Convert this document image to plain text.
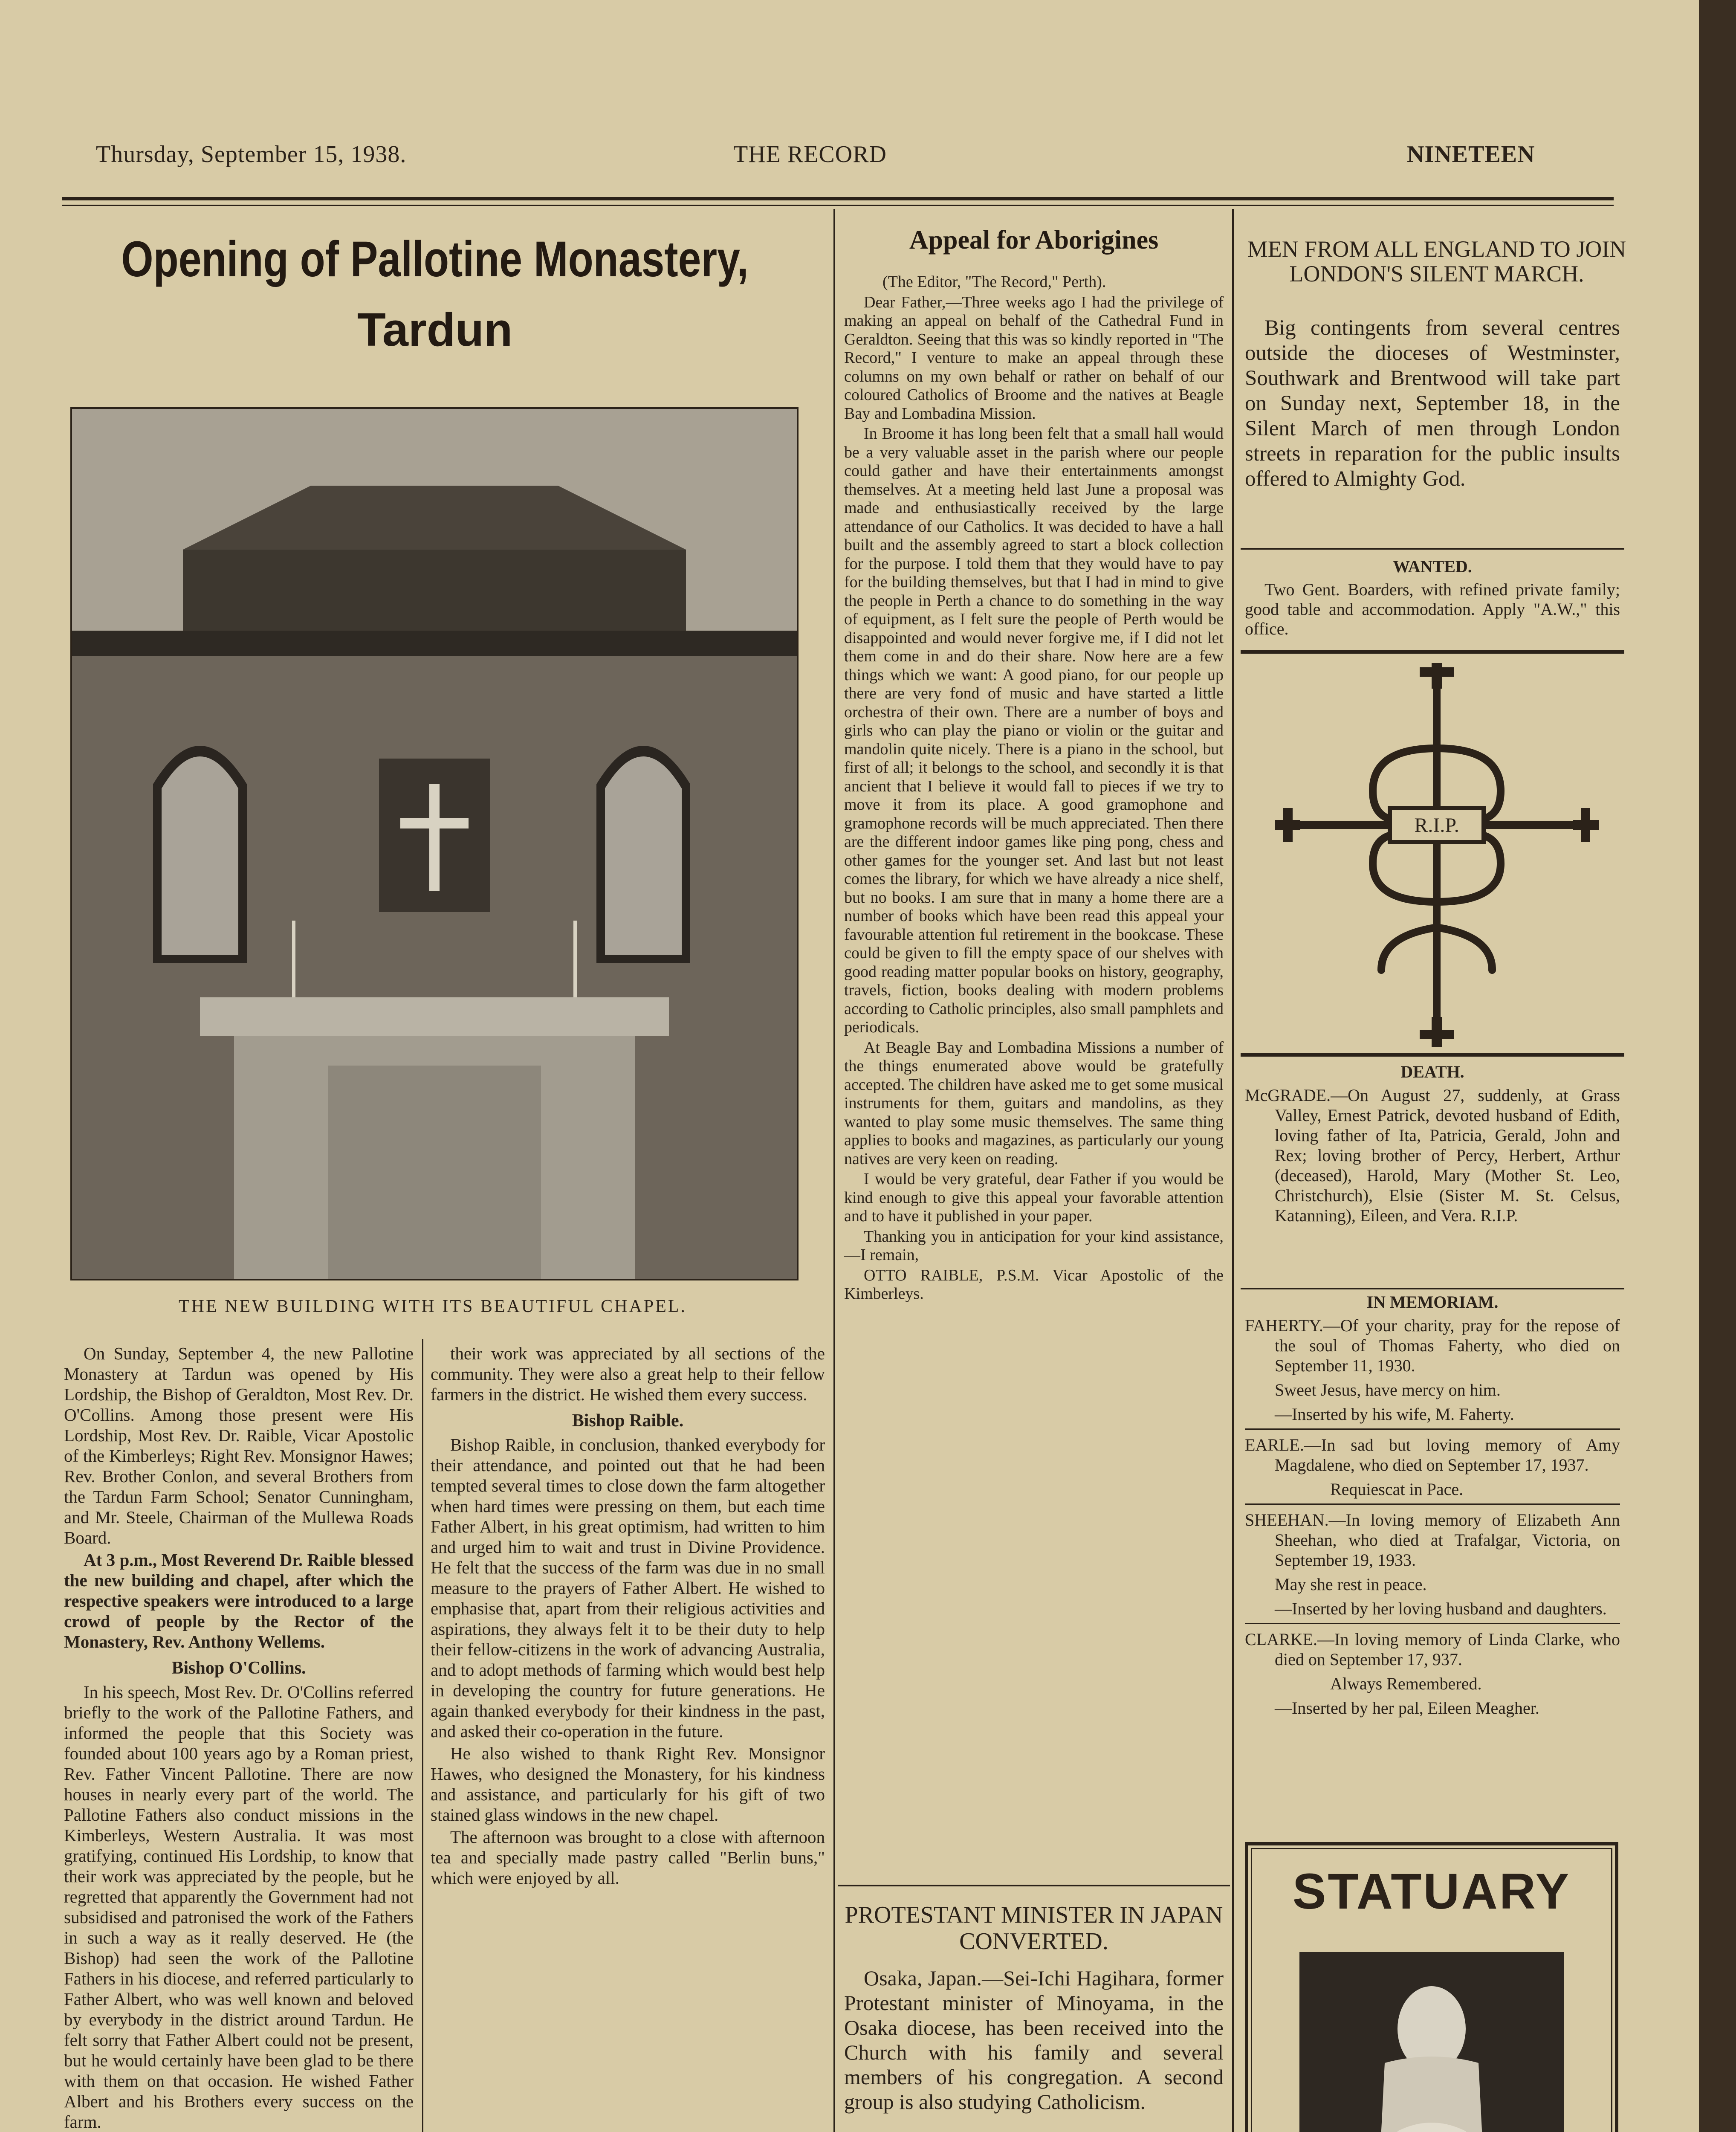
Thursday, September 15, 1938.	THE RECORD	NINETEEN
Opening of Pallotine Monastery,
Tardun
THE NEW BUILDING WITH ITS BEAUTIFUL CHAPEL.

On Sunday, September 4, the new Pallotine Monastery at Tardun was opened by His Lordship, the Bishop of Geraldton, Most Rev. Dr. O'Collins. Among those present were His Lordship, Most Rev. Dr. Raible, Vicar Apostolic of the Kimberleys; Right Rev. Monsignor Hawes; Rev. Brother Conlon, and several Brothers from the Tardun Farm School; Senator Cunningham, and Mr. Steele, Chairman of the Mullewa Roads Board.

At 3 p.m., Most Reverend Dr. Raible blessed the new building and chapel, after which the respective speakers were introduced to a large crowd of people by the Rector of the Monastery, Rev. Anthony Wellems.

Bishop O'Collins.

In his speech, Most Rev. Dr. O'Collins referred briefly to the work of the Pallotine Fathers, and informed the people that this Society was founded about 100 years ago by a Roman priest, Rev. Father Vincent Pallotine. There are now houses in nearly every part of the world. The Pallotine Fathers also conduct missions in the Kimberleys, Western Australia. It was most gratifying, continued His Lordship, to know that their work was appreciated by the people, but he regretted that apparently the Government had not subsidised and patronised the work of the Fathers in such a way as it really deserved. He (the Bishop) had seen the work of the Pallotine Fathers in his diocese, and referred particularly to Father Albert, who was well known and beloved by everybody in the district around Tardun. He felt sorry that Father Albert could not be present, but he would certainly have been glad to be there with them on that occasion. He wished Father Albert and his Brothers every success on the farm.

their work was appreciated by all sections of the community. They were also a great help to their fellow farmers in the district. He wished them every success.

Bishop Raible.

Bishop Raible, in conclusion, thanked everybody for their attendance, and pointed out that he had been tempted several times to close down the farm altogether when hard times were pressing on them, but each time Father Albert, in his great optimism, had written to him and urged him to wait and trust in Divine Providence. He felt that the success of the farm was due in no small measure to the prayers of Father Albert. He wished to emphasise that, apart from their religious activities and aspirations, they always felt it to be their duty to help their fellow-citizens in the work of advancing Australia, and to adopt methods of farming which would best help in developing the country for future generations. He again thanked everybody for their kindness in the past, and asked their co-operation in the future.

He also wished to thank Right Rev. Monsignor Hawes, who designed the Monastery, for his kindness and assistance, and particularly for his gift of two stained glass windows in the new chapel.

The afternoon was brought to a close with afternoon tea and specially made pastry called "Berlin buns," which were enjoyed by all.

Appeal for Aborigines

(The Editor, "The Record," Perth).

Dear Father,—Three weeks ago I had the privilege of making an appeal on behalf of the Cathedral Fund in Geraldton. Seeing that this was so kindly reported in "The Record," I venture to make an appeal through these columns on my own behalf or rather on behalf of our coloured Catholics of Broome and the natives at Beagle Bay and Lombadina Mission.

In Broome it has long been felt that a small hall would be a very valuable asset in the parish where our people could gather and have their entertainments amongst themselves. At a meeting held last June a proposal was made and enthusiastically received by the large attendance of our Catholics. It was decided to have a hall built and the assembly agreed to start a block collection for the purpose. I told them that they would have to pay for the building themselves, but that I had in mind to give the people in Perth a chance to do something in the way of equipment, as I felt sure the people of Perth would be disappointed and would never forgive me, if I did not let them come in and do their share. Now here are a few things which we want: A good piano, for our people up there are very fond of music and have started a little orchestra of their own. There are a number of boys and girls who can play the piano or violin or the guitar and mandolin quite nicely. There is a piano in the school, but first of all; it belongs to the school, and secondly it is that ancient that I believe it would fall to pieces if we try to move it from its place. A good gramophone and gramophone records will be much appreciated. Then there are the different indoor games like ping pong, chess and other games for the younger set. And last but not least comes the library, for which we have already a nice shelf, but no books. I am sure that in many a home there are a number of books which have been read this appeal your favourable attention ful retirement in the bookcase. These could be given to fill the empty space of our shelves with good reading matter popular books on history, geography, travels, fiction, books dealing with modern problems according to Catholic principles, also small pamphlets and periodicals.

At Beagle Bay and Lombadina Missions a number of the things enumerated above would be gratefully accepted. The children have asked me to get some musical instruments for them, guitars and mandolins, as they wanted to play some music themselves. The same thing applies to books and magazines, as particularly our young natives are very keen on reading.

I would be very grateful, dear Father if you would be kind enough to give this appeal your favorable attention and to have it published in your paper.

Thanking you in anticipation for your kind assistance,—I remain,

OTTO RAIBLE, P.S.M. Vicar Apostolic of the Kimberleys.

PROTESTANT MINISTER IN JAPAN CONVERTED.

Osaka, Japan.—Sei-Ichi Hagihara, former Protestant minister of Minoyama, in the Osaka diocese, has been received into the Church with his family and several members of his congregation. A second group is also studying Catholicism.

MEN FROM ALL ENGLAND TO JOIN LONDON'S SILENT MARCH.

Big contingents from several centres outside the dioceses of Westminster, Southwark and Brentwood will take part on Sunday next, September 18, in the Silent March of men through London streets in reparation for the public insults offered to Almighty God.

WANTED.

Two Gent. Boarders, with refined private family; good table and accommodation. Apply "A.W.," this office.

R.I.P.
DEATH.

McGRADE.—On August 27, suddenly, at Grass Valley, Ernest Patrick, devoted husband of Edith, loving father of Ita, Patricia, Gerald, John and Rex; loving brother of Percy, Herbert, Arthur (deceased), Harold, Mary (Mother St. Leo, Christchurch), Elsie (Sister M. St. Celsus, Katanning), Eileen, and Vera. R.I.P.

IN MEMORIAM.

FAHERTY.—Of your charity, pray for the repose of the soul of Thomas Faherty, who died on September 11, 1930.

Sweet Jesus, have mercy on him.

—Inserted by his wife, M. Faherty.

EARLE.—In sad but loving memory of Amy Magdalene, who died on September 17, 1937.

Requiescat in Pace.

SHEEHAN.—In loving memory of Elizabeth Ann Sheehan, who died at Trafalgar, Victoria, on September 19, 1933.

May she rest in peace.

—Inserted by her loving husband and daughters.

CLARKE.—In loving memory of Linda Clarke, who died on September 17, 937.

Always Remembered.

—Inserted by her pal, Eileen Meagher.

STATUARY
